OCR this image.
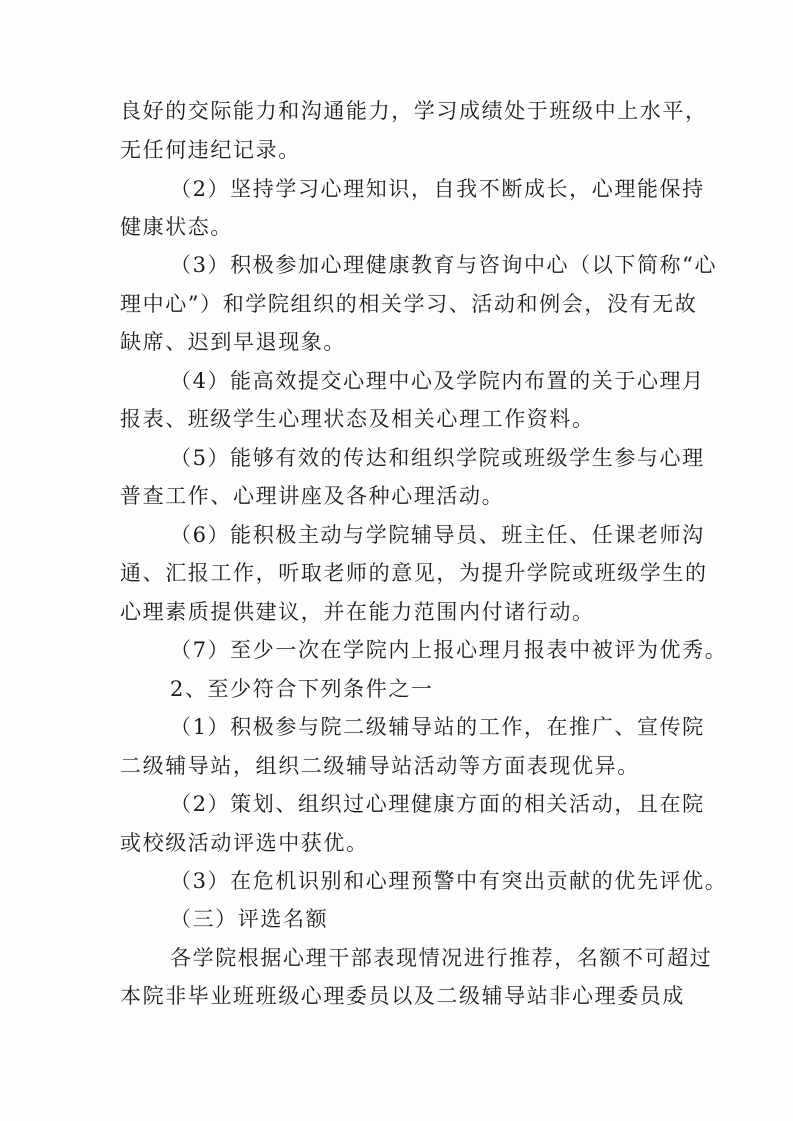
良好的交际能力和沟通能力，学习成绩处于班级中上水平，
无任何违纪记录。
（2）坚持学习心理知识，自我不断成长，心理能保持
健康状态。
（3）积极参加心理健康教育与咨询中心（以下简称“心
理中心”）和学院组织的相关学习、活动和例会，没有无故
缺席、迟到早退现象。
（4）能高效提交心理中心及学院内布置的关于心理月
报表、班级学生心理状态及相关心理工作资料。
（5）能够有效的传达和组织学院或班级学生参与心理
普查工作、心理讲座及各种心理活动。
（6）能积极主动与学院辅导员、班主任、任课老师沟
通、汇报工作，听取老师的意见，为提升学院或班级学生的
心理素质提供建议，并在能力范围内付诸行动。
（7）至少一次在学院内上报心理月报表中被评为优秀。
2、至少符合下列条件之一
（1）积极参与院二级辅导站的工作，在推广、宣传院
二级辅导站，组织二级辅导站活动等方面表现优异。
（2）策划、组织过心理健康方面的相关活动，且在院
或校级活动评选中获优。
（3）在危机识别和心理预警中有突出贡献的优先评优。
（三）评选名额
各学院根据心理干部表现情况进行推荐，名额不可超过
本院非毕业班班级心理委员以及二级辅导站非心理委员成
